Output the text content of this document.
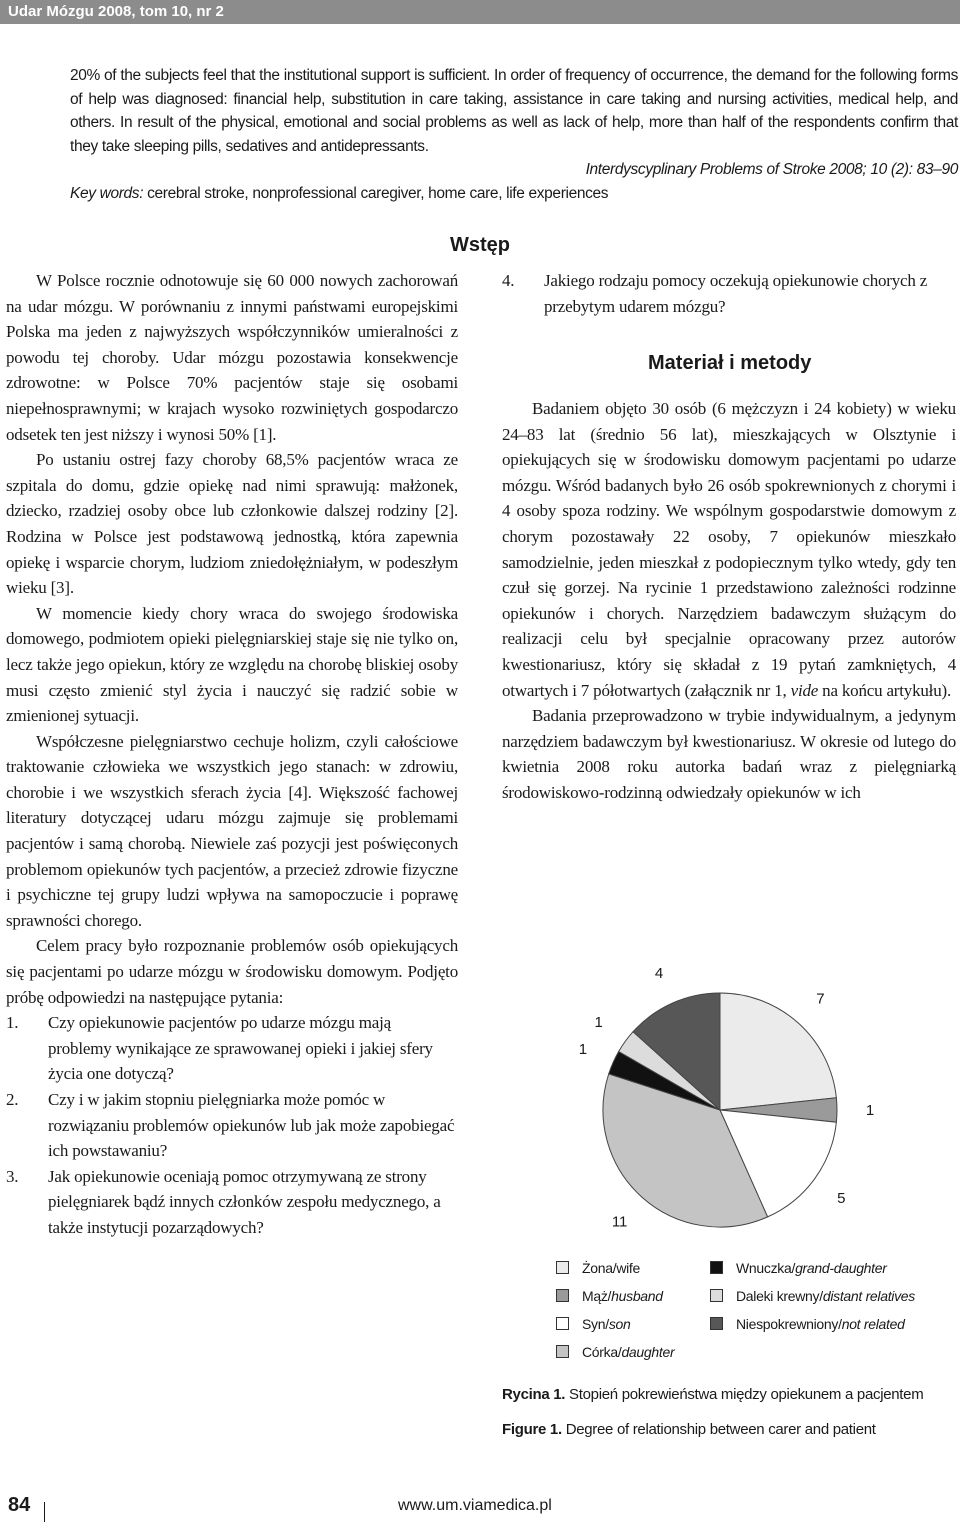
Udar Mózgu 2008, tom 10, nr 2

20% of the subjects feel that the institutional support is sufficient. In order of frequency of occurrence, the demand for the following forms of help was diagnosed: financial help, substitution in care taking, assistance in care taking and nursing activities, medical help, and others. In result of the physical, emotional and social problems as well as lack of help, more than half of the respondents confirm that they take sleeping pills, sedatives and antidepressants.

Interdyscyplinary Problems of Stroke 2008; 10 (2): 83–90

Key words: cerebral stroke, nonprofessional caregiver, home care, life experiences

Wstęp

W Polsce rocznie odnotowuje się 60 000 nowych zachorowań na udar mózgu. W porównaniu z innymi państwami europejskimi Polska ma jeden z najwyższych współczynników umieralności z powodu tej choroby. Udar mózgu pozostawia konsekwencje zdrowotne: w Polsce 70% pacjentów staje się osobami niepełnosprawnymi; w krajach wysoko rozwiniętych gospodarczo odsetek ten jest niższy i wynosi 50% [1].

Po ustaniu ostrej fazy choroby 68,5% pacjentów wraca ze szpitala do domu, gdzie opiekę nad nimi sprawują: małżonek, dziecko, rzadziej osoby obce lub członkowie dalszej rodziny [2]. Rodzina w Polsce jest podstawową jednostką, która zapewnia opiekę i wsparcie chorym, ludziom zniedołężniałym, w podeszłym wieku [3].

W momencie kiedy chory wraca do swojego środowiska domowego, podmiotem opieki pielęgniarskiej staje się nie tylko on, lecz także jego opiekun, który ze względu na chorobę bliskiej osoby musi często zmienić styl życia i nauczyć się radzić sobie w zmienionej sytuacji.

Współczesne pielęgniarstwo cechuje holizm, czyli całościowe traktowanie człowieka we wszystkich jego stanach: w zdrowiu, chorobie i we wszystkich sferach życia [4]. Większość fachowej literatury dotyczącej udaru mózgu zajmuje się problemami pacjentów i samą chorobą. Niewiele zaś pozycji jest poświęconych problemom opiekunów tych pacjentów, a przecież zdrowie fizyczne i psychiczne tej grupy ludzi wpływa na samopoczucie i poprawę sprawności chorego.

Celem pracy było rozpoznanie problemów osób opiekujących się pacjentami po udarze mózgu w środowisku domowym. Podjęto próbę odpowiedzi na następujące pytania:

1. Czy opiekunowie pacjentów po udarze mózgu mają problemy wynikające ze sprawowanej opieki i jakiej sfery życia one dotyczą?
2. Czy i w jakim stopniu pielęgniarka może pomóc w rozwiązaniu problemów opiekunów lub jak może zapobiegać ich powstawaniu?
3. Jak opiekunowie oceniają pomoc otrzymywaną ze strony pielęgniarek bądź innych członków zespołu medycznego, a także instytucji pozarządowych?
4. Jakiego rodzaju pomocy oczekują opiekunowie chorych z przebytym udarem mózgu?
Materiał i metody

Badaniem objęto 30 osób (6 mężczyzn i 24 kobiety) w wieku 24–83 lat (średnio 56 lat), mieszkających w Olsztynie i opiekujących się w środowisku domowym pacjentami po udarze mózgu. Wśród badanych było 26 osób spokrewnionych z chorymi i 4 osoby spoza rodziny. We wspólnym gospodarstwie domowym z chorym pozostawały 22 osoby, 7 opiekunów mieszkało samodzielnie, jeden mieszkał z podopiecznym tylko wtedy, gdy ten czuł się gorzej. Na rycinie 1 przedstawiono zależności rodzinne opiekunów i chorych. Narzędziem badawczym służącym do realizacji celu był specjalnie opracowany przez autorów kwestionariusz, który się składał z 19 pytań zamkniętych, 4 otwartych i 7 półotwartych (załącznik nr 1, vide na końcu artykułu).

Badania przeprowadzono w trybie indywidualnym, a jedynym narzędziem badawczym był kwestionariusz. W okresie od lutego do kwietnia 2008 roku autorka badań wraz z pielęgniarką środowiskowo-rodzinną odwiedzały opiekunów w ich

7
1
5
11
1
1
4
Żona/wife
Mąż/husband
Syn/son
Córka/daughter
Wnuczka/grand-daughter
Daleki krewny/distant relatives
Niespokrewniony/not related
Rycina 1. Stopień pokrewieństwa między opiekunem a pacjentem
Figure 1. Degree of relationship between carer and patient
84	www.um.viamedica.pl
